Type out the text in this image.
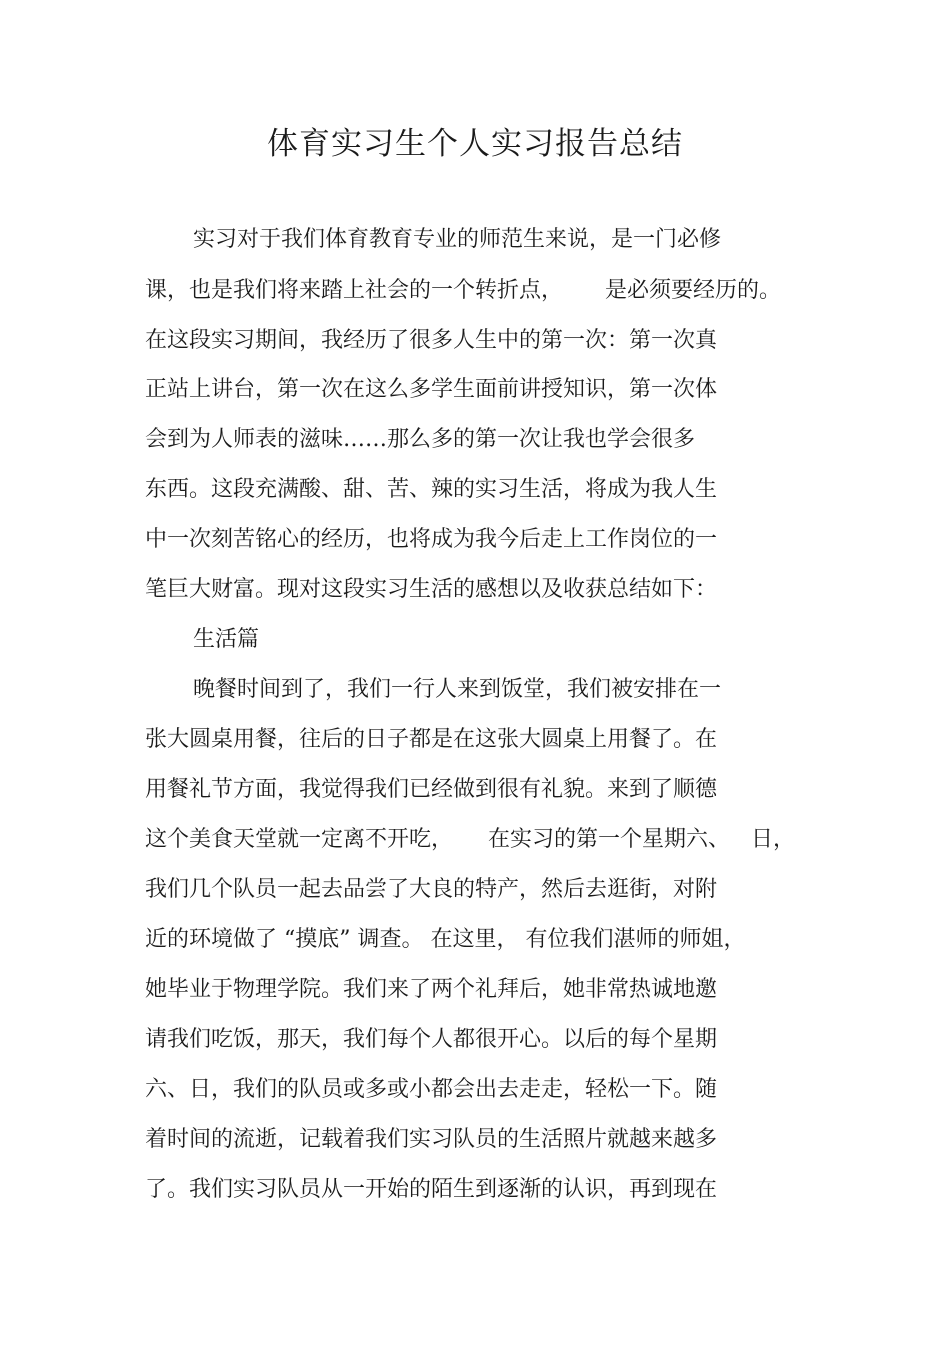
体育实习生个人实习报告总结
实习对于我们体育教育专业的师范生来说，是一门必修
课，也是我们将来踏上社会的一个转折点，      是必须要经历的。
在这段实习期间，我经历了很多人生中的第一次：第一次真
正站上讲台，第一次在这么多学生面前讲授知识，第一次体
会到为人师表的滋味……那么多的第一次让我也学会很多
东西。这段充满酸、甜、苦、辣的实习生活，将成为我人生
中一次刻苦铭心的经历，也将成为我今后走上工作岗位的一
笔巨大财富。现对这段实习生活的感想以及收获总结如下：
生活篇
晚餐时间到了，我们一行人来到饭堂，我们被安排在一
张大圆桌用餐，往后的日子都是在这张大圆桌上用餐了。在
用餐礼节方面，我觉得我们已经做到很有礼貌。来到了顺德
这个美食天堂就一定离不开吃，     在实习的第一个星期六、   日，
我们几个队员一起去品尝了大良的特产，然后去逛街，对附
近的环境做了 “摸底” 调查。 在这里， 有位我们湛师的师姐，
她毕业于物理学院。我们来了两个礼拜后，她非常热诚地邀
请我们吃饭，那天，我们每个人都很开心。以后的每个星期
六、日，我们的队员或多或小都会出去走走，轻松一下。随
着时间的流逝，记载着我们实习队员的生活照片就越来越多
了。我们实习队员从一开始的陌生到逐渐的认识，再到现在
